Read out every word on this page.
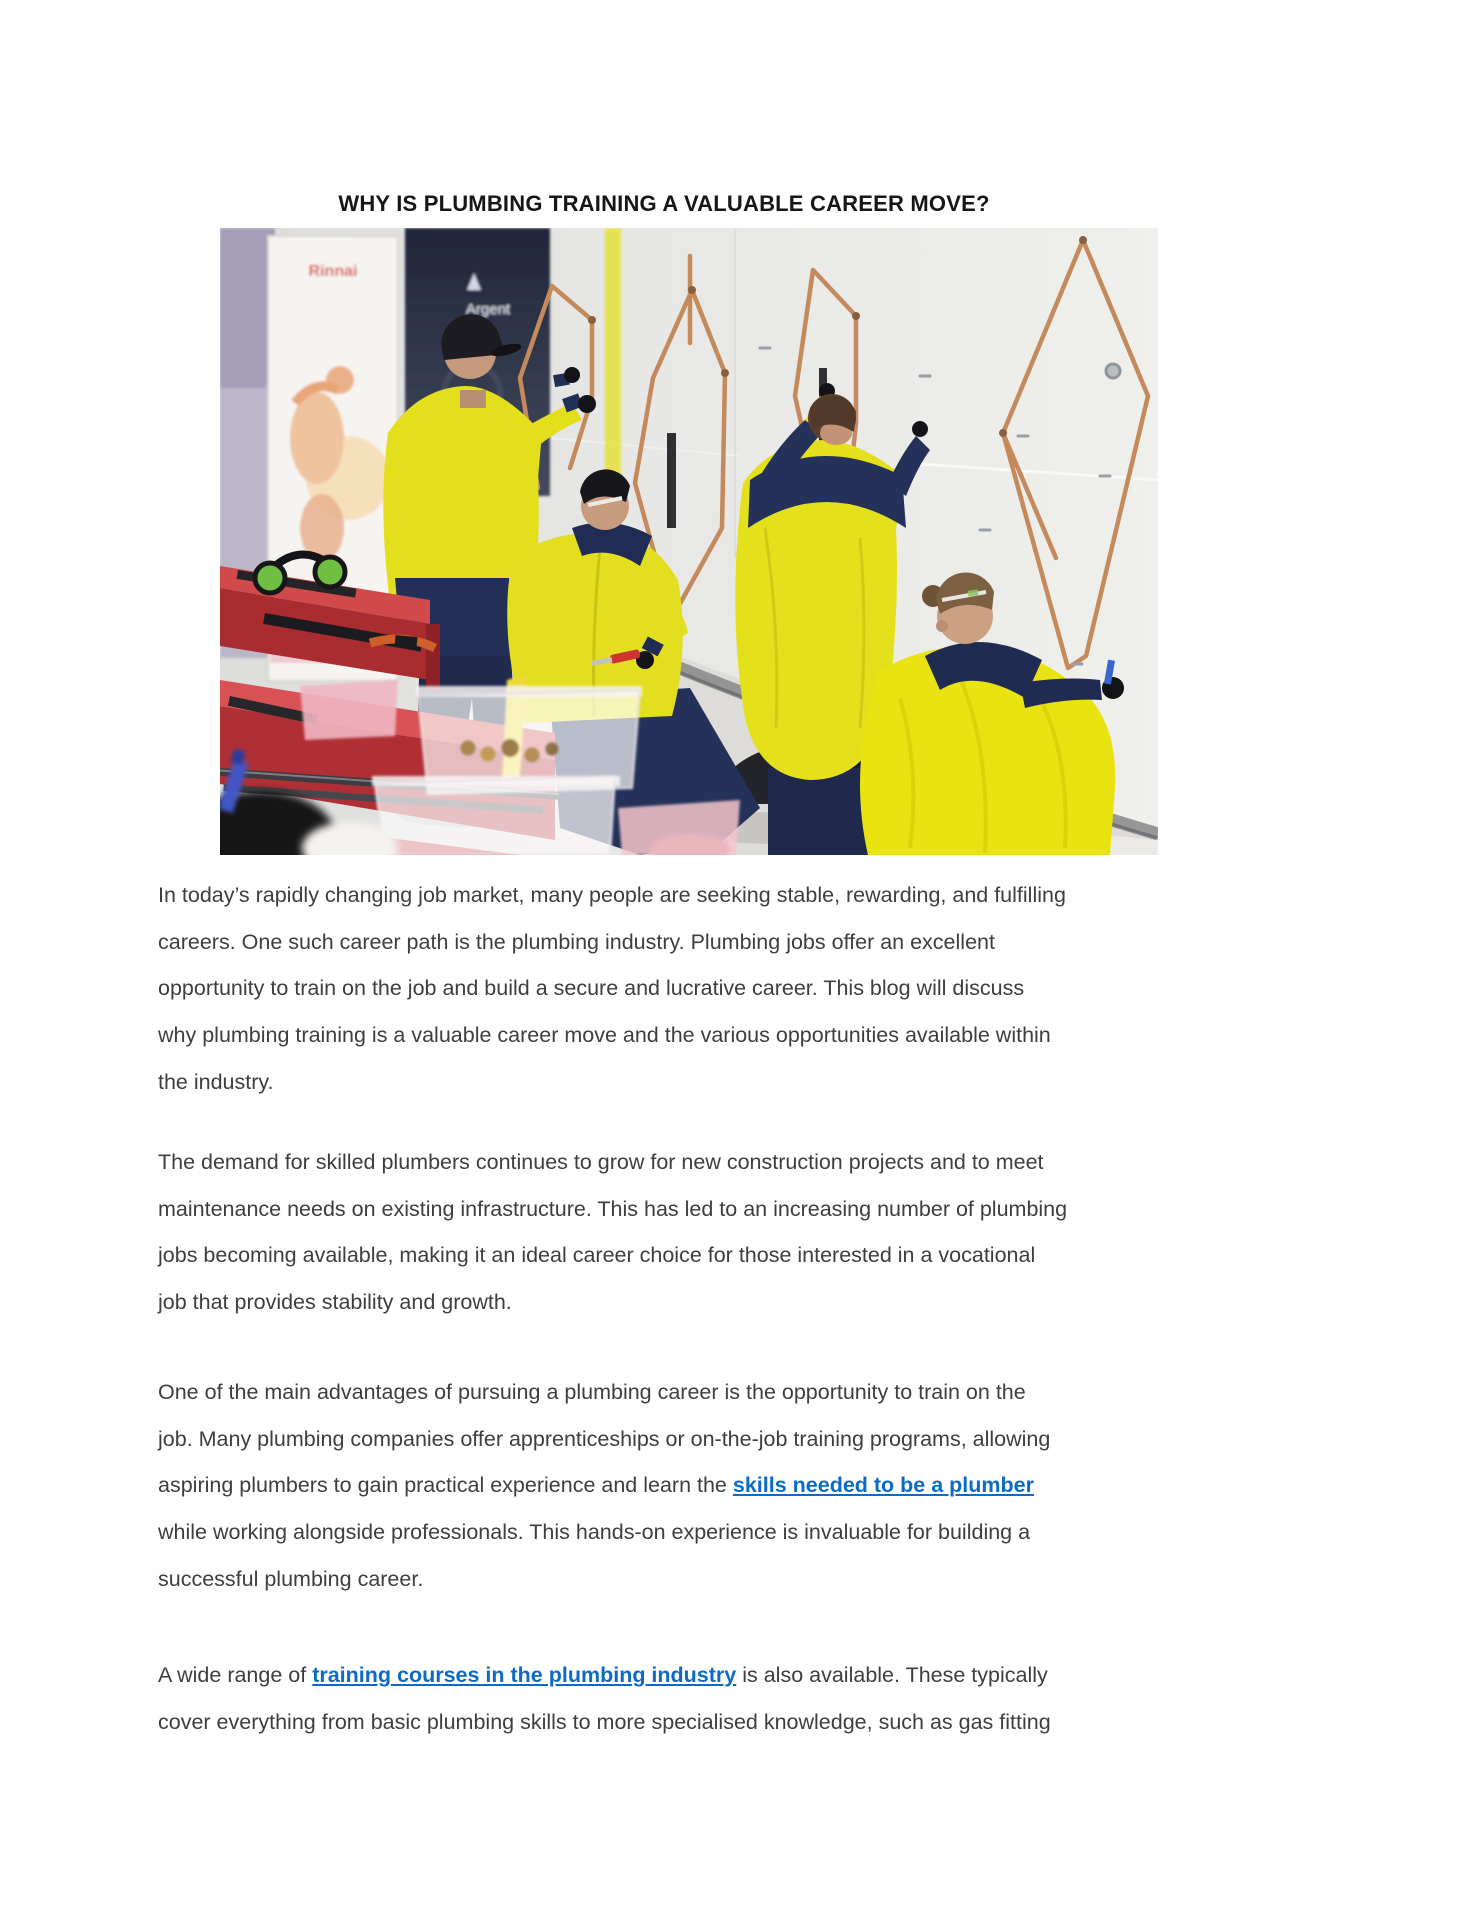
WHY IS PLUMBING TRAINING A VALUABLE CAREER MOVE?
Rinnai
Argent
In today’s rapidly changing job market, many people are seeking stable, rewarding, and fulfilling
careers. One such career path is the plumbing industry. Plumbing jobs offer an excellent
opportunity to train on the job and build a secure and lucrative career. This blog will discuss
why plumbing training is a valuable career move and the various opportunities available within
the industry.
The demand for skilled plumbers continues to grow for new construction projects and to meet
maintenance needs on existing infrastructure. This has led to an increasing number of plumbing
jobs becoming available, making it an ideal career choice for those interested in a vocational
job that provides stability and growth.
One of the main advantages of pursuing a plumbing career is the opportunity to train on the
job. Many plumbing companies offer apprenticeships or on-the-job training programs, allowing
aspiring plumbers to gain practical experience and learn the skills needed to be a plumber
while working alongside professionals. This hands-on experience is invaluable for building a
successful plumbing career.
A wide range of training courses in the plumbing industry is also available. These typically
cover everything from basic plumbing skills to more specialised knowledge, such as gas fitting
